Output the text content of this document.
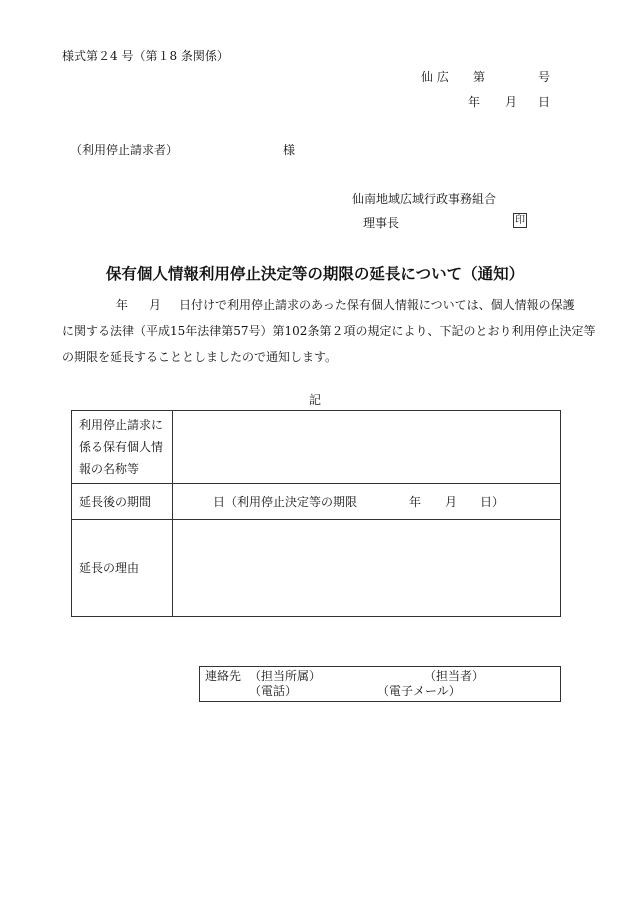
様式第２4 号（第１8 条関係）
仙 広 第	号
年 月 日
（利用停止請求者）	様
仙南地域広域行政事務組合
理事長	印
保有個人情報利用停止決定等の期限の延長について（通知）
年 月 日付けで利用停止請求のあった保有個人情報については、個人情報の保護
に関する法律（平成15年法律第57号）第102条第２項の規定により、下記のとおり利用停止決定等
の期限を延長することとしましたので通知します。
記
利用停止請求に
係る保有個人情
報の名称等	

延長後の期間	日（利用停止決定等の期限 年 月 日）
延長の理由	
連絡先 （担当所属）	（担当者）
（電話）	（電子メール）
